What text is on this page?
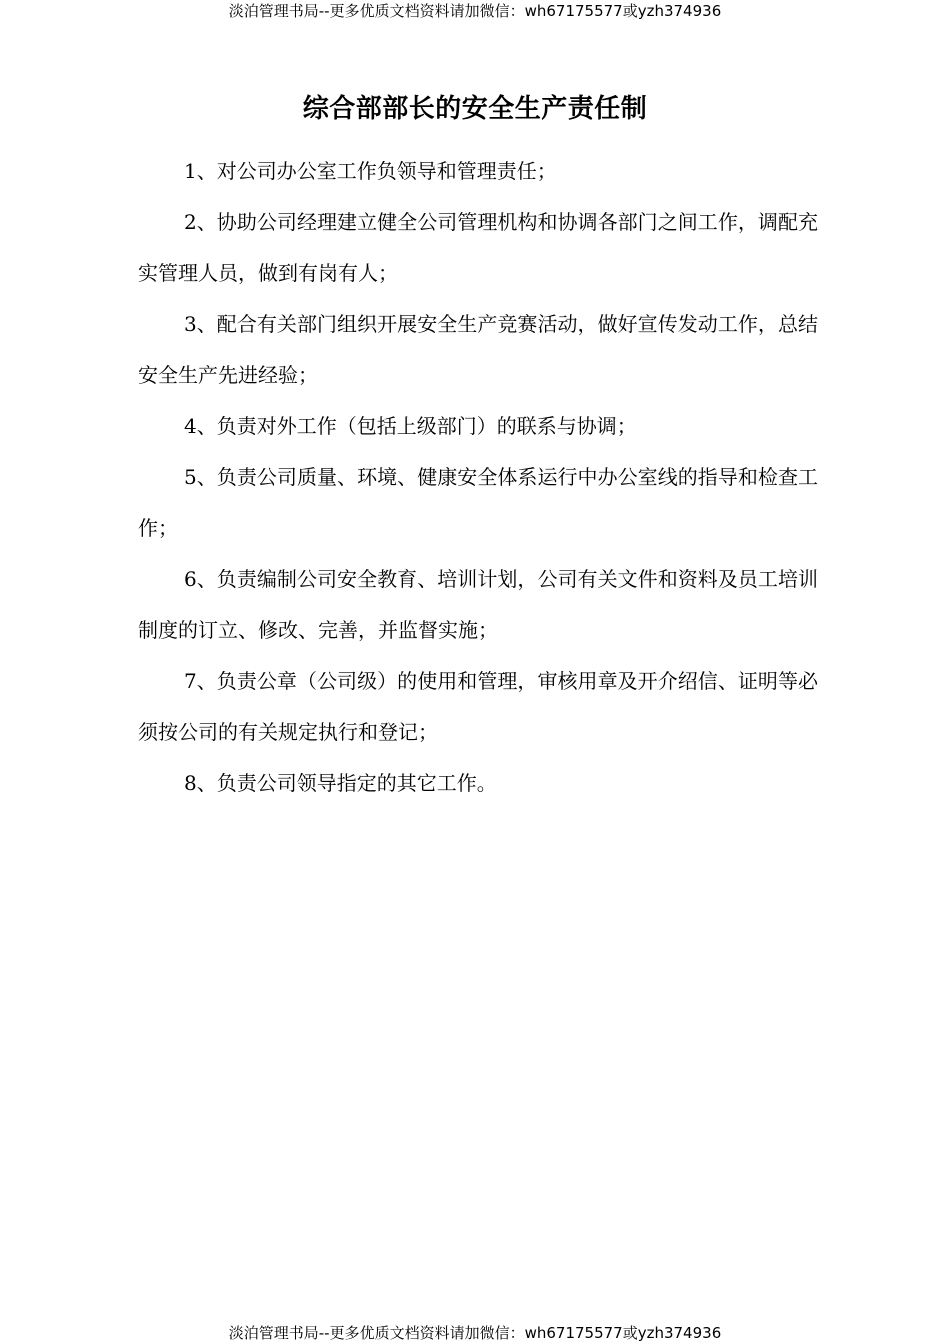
淡泊管理书局--更多优质文档资料请加微信：wh67175577或yzh374936
综合部部长的安全生产责任制

1、对公司办公室工作负领导和管理责任；

2、协助公司经理建立健全公司管理机构和协调各部门之间工作，调配充 实管理人员，做到有岗有人；

3、配合有关部门组织开展安全生产竞赛活动，做好宣传发动工作，总结 安全生产先进经验；

4、负责对外工作（包括上级部门）的联系与协调；

5、负责公司质量、环境、健康安全体系运行中办公室线的指导和检查工作；

6、负责编制公司安全教育、培训计划，公司有关文件和资料及员工培训 制度的订立、修改、完善，并监督实施；

7、负责公章（公司级）的使用和管理，审核用章及开介绍信、证明等必 须按公司的有关规定执行和登记；

8、负责公司领导指定的其它工作。

淡泊管理书局--更多优质文档资料请加微信：wh67175577或yzh374936
